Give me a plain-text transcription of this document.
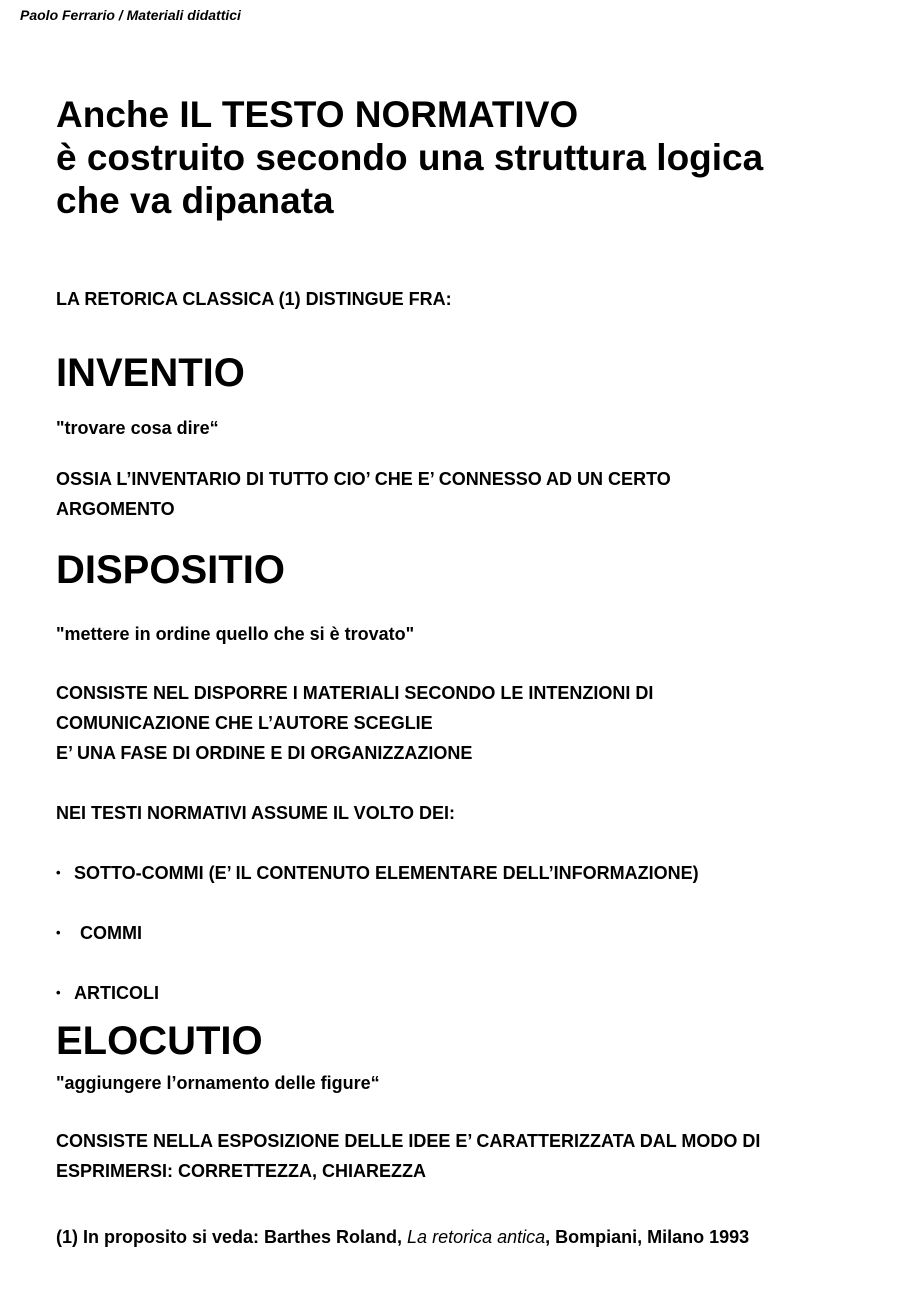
Paolo Ferrario / Materiali didattici
Anche IL TESTO NORMATIVO
è costruito secondo una struttura logica
che va dipanata
LA RETORICA CLASSICA (1) DISTINGUE FRA:
INVENTIO
"trovare cosa dire“
OSSIA L’INVENTARIO DI TUTTO CIO’ CHE E’ CONNESSO AD UN CERTO
ARGOMENTO
DISPOSITIO
"mettere in ordine quello che si è trovato"
CONSISTE NEL DISPORRE I MATERIALI SECONDO LE INTENZIONI DI
COMUNICAZIONE CHE L’AUTORE SCEGLIE
E’ UNA FASE DI ORDINE E DI ORGANIZZAZIONE
NEI TESTI NORMATIVI ASSUME IL VOLTO DEI:
• SOTTO-COMMI (E’ IL CONTENUTO ELEMENTARE DELL’INFORMAZIONE)
• COMMI
• ARTICOLI
ELOCUTIO
"aggiungere l’ornamento delle figure“
CONSISTE NELLA ESPOSIZIONE DELLE IDEE E’ CARATTERIZZATA DAL MODO DI
ESPRIMERSI: CORRETTEZZA, CHIAREZZA
(1) In proposito si veda: Barthes Roland, La retorica antica, Bompiani, Milano 1993
